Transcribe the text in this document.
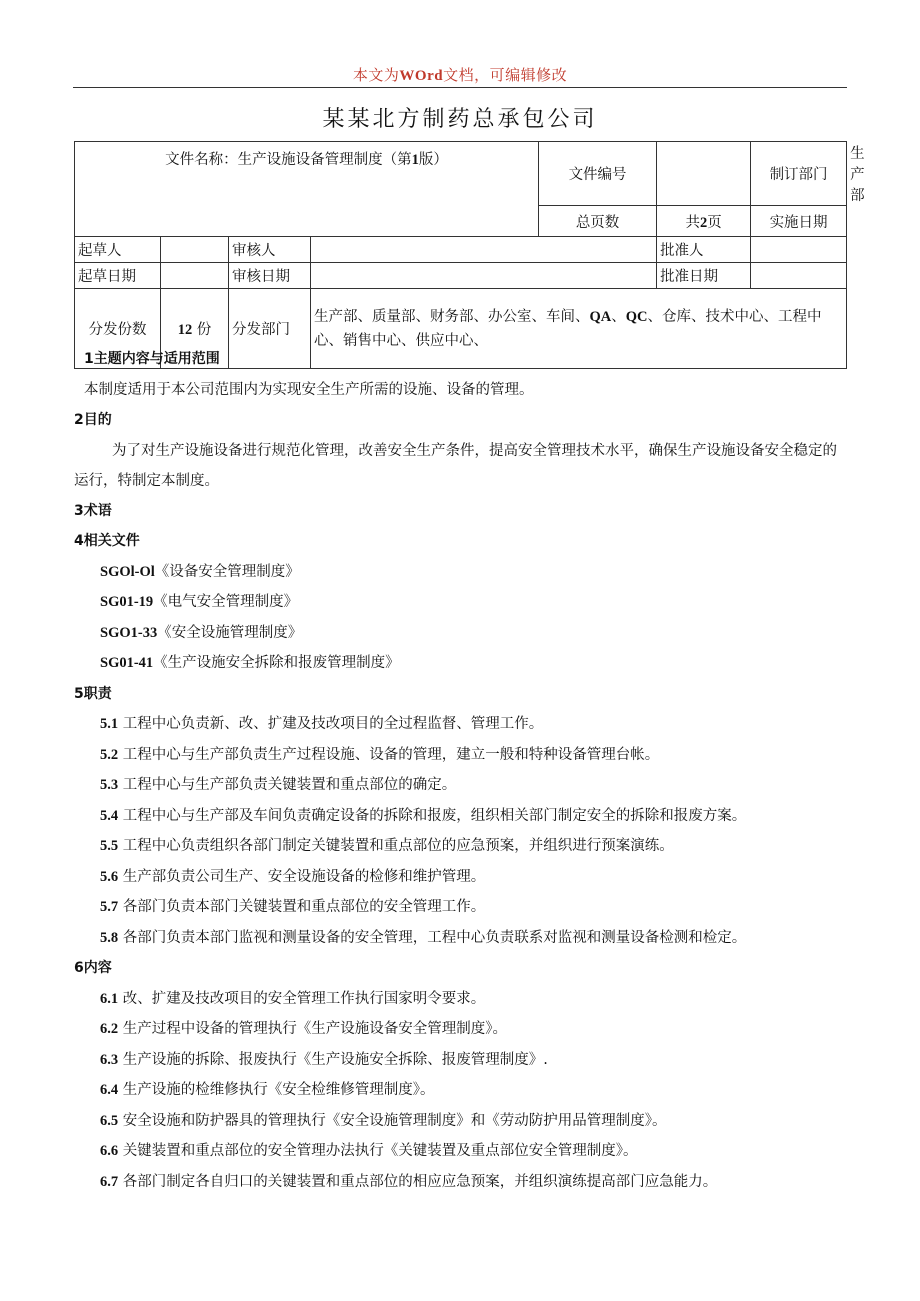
本文为WOrd文档，可编辑修改
某某北方制药总承包公司
文件名称：生产设施设备管理制度（第1版）				文件编号		制订部门	生产部
				总页数	共2页	实施日期	
起草人		审核人			批准人		
起草日期		审核日期			批准日期		
分发份数	12 份	分发部门	生产部、质量部、财务部、办公室、车间、QA、QC、仓库、技术中心、工程中心、销售中心、供应中心、				
1主题内容与适用范围
本制度适用于本公司范围内为实现安全生产所需的设施、设备的管理。
2目的
为了对生产设施设备进行规范化管理，改善安全生产条件，提高安全管理技术水平，确保生产设施设备安全稳定的运行，特制定本制度。
3术语
4相关文件
SGOl-Ol《设备安全管理制度》
SG01-19《电气安全管理制度》
SGO1-33《安全设施管理制度》
SG01-41《生产设施安全拆除和报废管理制度》
5职责
5.1 工程中心负责新、改、扩建及技改项目的全过程监督、管理工作。
5.2 工程中心与生产部负责生产过程设施、设备的管理，建立一般和特种设备管理台帐。
5.3 工程中心与生产部负责关键装置和重点部位的确定。
5.4 工程中心与生产部及车间负责确定设备的拆除和报废，组织相关部门制定安全的拆除和报废方案。
5.5 工程中心负责组织各部门制定关键装置和重点部位的应急预案，并组织进行预案演练。
5.6 生产部负责公司生产、安全设施设备的检修和维护管理。
5.7 各部门负责本部门关键装置和重点部位的安全管理工作。
5.8 各部门负责本部门监视和测量设备的安全管理，工程中心负责联系对监视和测量设备检测和检定。
6内容
6.1 改、扩建及技改项目的安全管理工作执行国家明令要求。
6.2 生产过程中设备的管理执行《生产设施设备安全管理制度》。
6.3 生产设施的拆除、报废执行《生产设施安全拆除、报废管理制度》.
6.4 生产设施的检维修执行《安全检维修管理制度》。
6.5 安全设施和防护器具的管理执行《安全设施管理制度》和《劳动防护用品管理制度》。
6.6 关键装置和重点部位的安全管理办法执行《关键装置及重点部位安全管理制度》。
6.7 各部门制定各自归口的关键装置和重点部位的相应应急预案，并组织演练提高部门应急能力。
